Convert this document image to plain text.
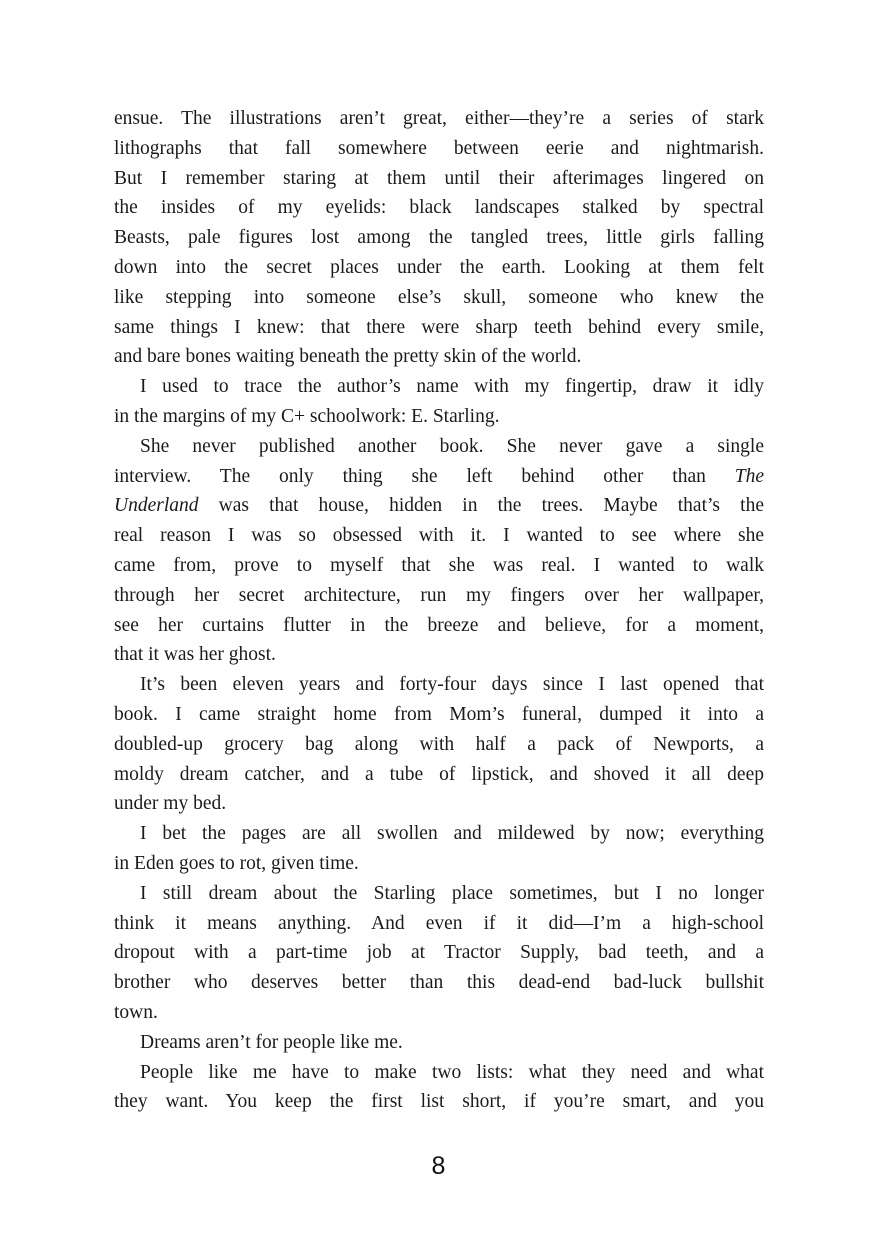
ensue. The illustrations aren’t great, either—they’re a series of stark
lithographs that fall somewhere between eerie and nightmarish.
But I remember staring at them until their afterimages lingered on
the insides of my eyelids: black landscapes stalked by spectral
Beasts, pale figures lost among the tangled trees, little girls falling
down into the secret places under the earth. Looking at them felt
like stepping into someone else’s skull, someone who knew the
same things I knew: that there were sharp teeth behind every smile,
and bare bones waiting beneath the pretty skin of the world.
I used to trace the author’s name with my fingertip, draw it idly
in the margins of my C+ schoolwork: E. Starling.
She never published another book. She never gave a single
interview. The only thing she left behind other than The
Underland was that house, hidden in the trees. Maybe that’s the
real reason I was so obsessed with it. I wanted to see where she
came from, prove to myself that she was real. I wanted to walk
through her secret architecture, run my fingers over her wallpaper,
see her curtains flutter in the breeze and believe, for a moment,
that it was her ghost.
It’s been eleven years and forty-four days since I last opened that
book. I came straight home from Mom’s funeral, dumped it into a
doubled-up grocery bag along with half a pack of Newports, a
moldy dream catcher, and a tube of lipstick, and shoved it all deep
under my bed.
I bet the pages are all swollen and mildewed by now; everything
in Eden goes to rot, given time.
I still dream about the Starling place sometimes, but I no longer
think it means anything. And even if it did—I’m a high-school
dropout with a part-time job at Tractor Supply, bad teeth, and a
brother who deserves better than this dead-end bad-luck bullshit
town.
Dreams aren’t for people like me.
People like me have to make two lists: what they need and what
they want. You keep the first list short, if you’re smart, and you
8
